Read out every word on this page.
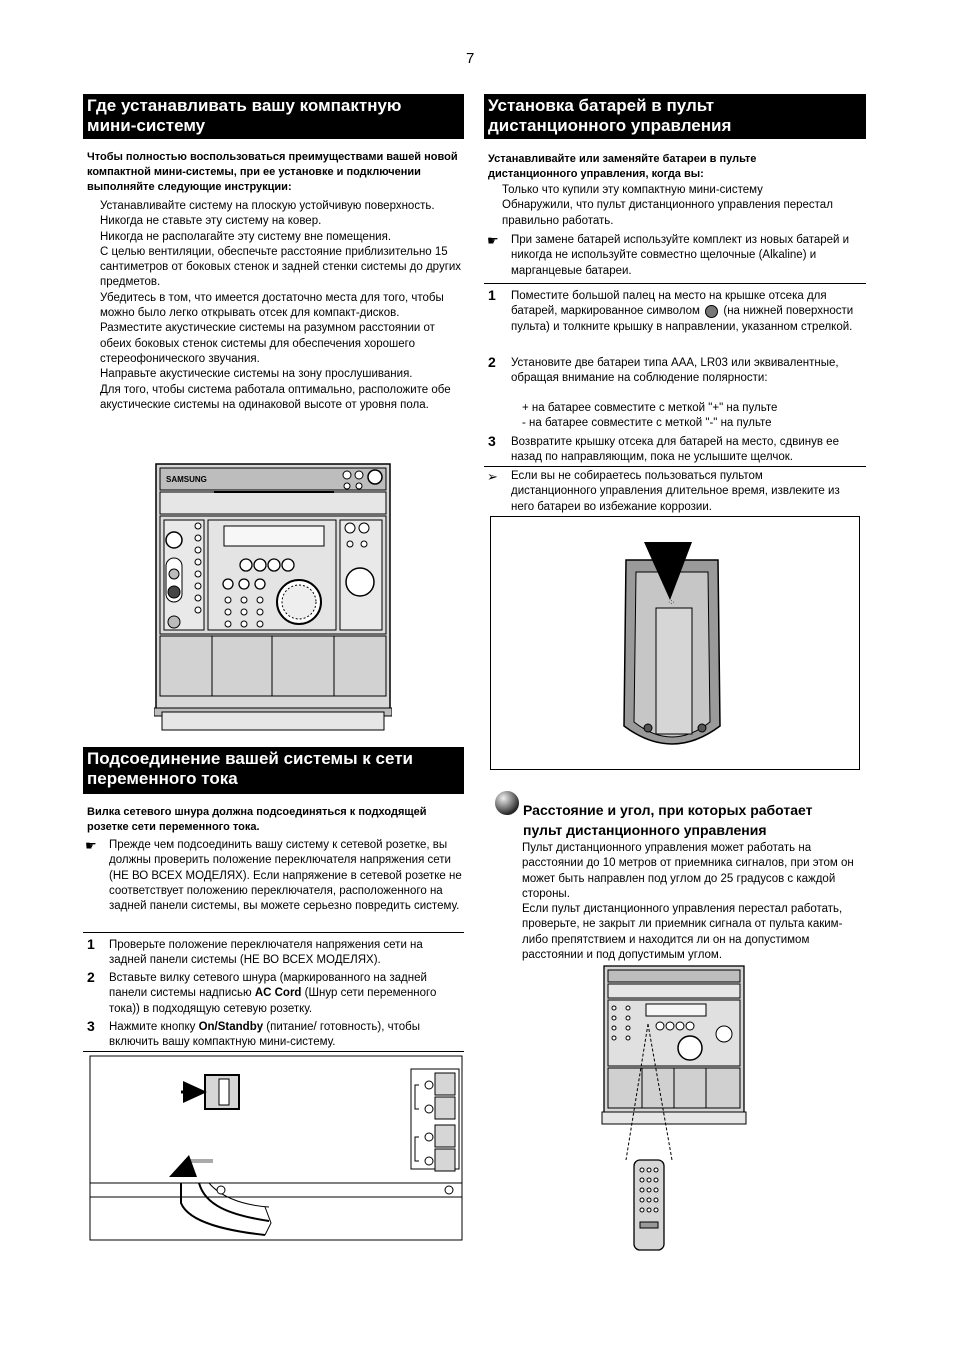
7
Где устанавливать вашу компактную
мини-систему
Чтобы полностью воспользоваться преимуществами вашей новой компактной мини-системы, при ее установке и подключении выполняйте следующие инструкции:

Устанавливайте систему на плоскую устойчивую поверхность.

Никогда не ставьте эту систему на ковер.

Никогда не располагайте эту систему вне помещения.

С целью вентиляции, обеспечьте расстояние приблизительно 15 сантиметров от боковых стенок и задней стенки системы до других предметов.

Убедитесь в том, что имеется достаточно места для того, чтобы можно было легко открывать отсек для компакт-дисков.

Разместите акустические системы на разумном расстоянии от обеих боковых стенок системы для обеспечения хорошего стереофонического звучания.

Направьте акустические системы на зону прослушивания.

Для того, чтобы система работала оптимально, расположите обе акустические системы на одинаковой высоте от уровня пола.

SAMSUNG
Подсоединение вашей системы к сети
переменного тока
Вилка сетевого шнура должна подсоединяться к подходящей розетке сети переменного тока.
☛ Прежде чем подсоединить вашу систему к сетевой розетке, вы должны проверить положение переключателя напряжения сети (НЕ ВО ВСЕХ МОДЕЛЯХ). Если напряжение в сетевой розетке не соответствует положению переключателя, расположенного на задней панели системы, вы можете серьезно повредить систему.
1 Проверьте положение переключателя напряжения сети на задней панели системы (НЕ ВО ВСЕХ МОДЕЛЯХ).
2 Вставьте вилку сетевого шнура (маркированного на задней панели системы надписью AC Cord (Шнур сети переменного тока)) в подходящую сетевую розетку.
3 Нажмите кнопку On/Standby (питание/ готовность), чтобы включить вашу компактную мини-систему.
Установка батарей в пульт
дистанционного управления
Устанавливайте или заменяйте батареи в пульте дистанционного управления, когда вы:

Только что купили эту компактную мини-систему

Обнаружили, что пульт дистанционного управления перестал правильно работать.

☛ При замене батарей используйте комплект из новых батарей и никогда не используйте совместно щелочные (Alkaline) и марганцевые батареи.
1 Поместите большой палец на место на крышке отсека для батарей, маркированное символом (на нижней поверхности пульта) и толкните крышку в направлении, указанном стрелкой.
2 Установите две батареи типа AAA, LR03 или эквивалентные, обращая внимание на соблюдение полярности:
+ на батарее совместите с меткой "+" на пульте
- на батарее совместите с меткой "-" на пульте
3 Возвратите крышку отсека для батарей на место, сдвинув ее назад по направляющим, пока не услышите щелчок.
➢ Если вы не собираетесь пользоваться пультом дистанционного управления длительное время, извлеките из него батареи во избежание коррозии.
·:·
Расстояние и угол, при которых работает
пульт дистанционного управления

Пульт дистанционного управления может работать на расстоянии до 10 метров от приемника сигналов, при этом он может быть направлен под углом до 25 градусов с каждой стороны.

Если пульт дистанционного управления перестал работать, проверьте, не закрыт ли приемник сигнала от пульта каким-либо препятствием и находится ли он на допустимом расстоянии и под допустимым углом.
